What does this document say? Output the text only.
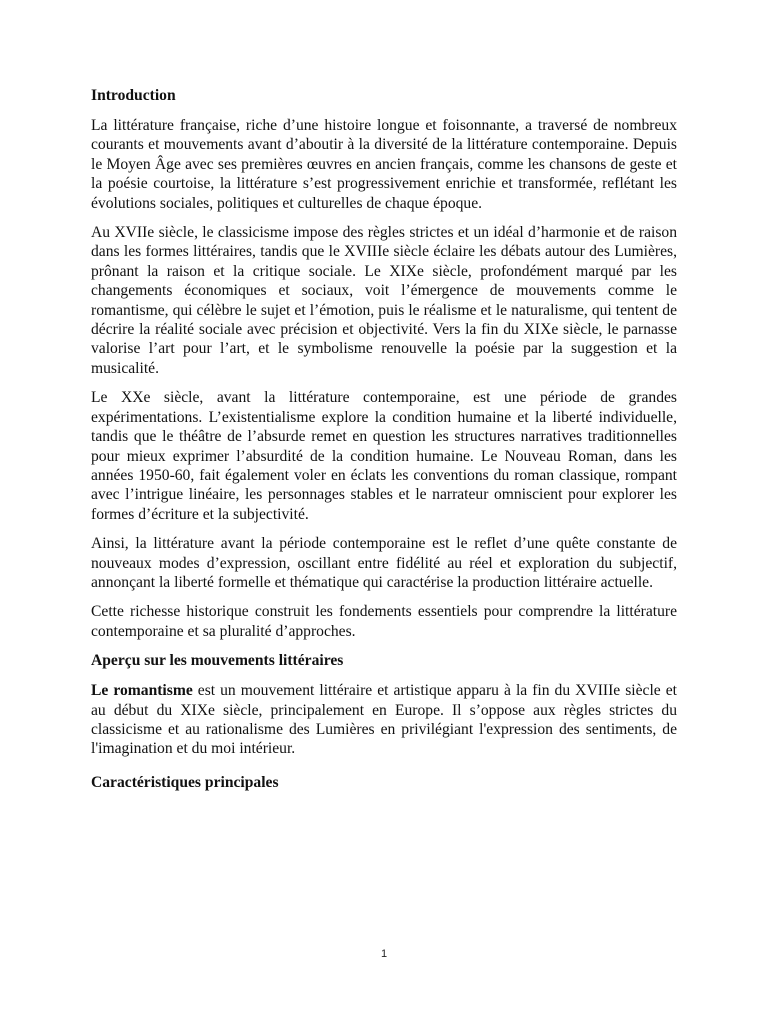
Introduction

La littérature française, riche d’une histoire longue et foisonnante, a traversé de nombreux courants et mouvements avant d’aboutir à la diversité de la littérature contemporaine. Depuis le Moyen Âge avec ses premières œuvres en ancien français, comme les chansons de geste et la poésie courtoise, la littérature s’est progressivement enrichie et transformée, reflétant les évolutions sociales, politiques et culturelles de chaque époque.

Au XVIIe siècle, le classicisme impose des règles strictes et un idéal d’harmonie et de raison dans les formes littéraires, tandis que le XVIIIe siècle éclaire les débats autour des Lumières, prônant la raison et la critique sociale. Le XIXe siècle, profondément marqué par les changements économiques et sociaux, voit l’émergence de mouvements comme le romantisme, qui célèbre le sujet et l’émotion, puis le réalisme et le naturalisme, qui tentent de décrire la réalité sociale avec précision et objectivité. Vers la fin du XIXe siècle, le parnasse valorise l’art pour l’art, et le symbolisme renouvelle la poésie par la suggestion et la musicalité.

Le XXe siècle, avant la littérature contemporaine, est une période de grandes expérimentations. L’existentialisme explore la condition humaine et la liberté individuelle, tandis que le théâtre de l’absurde remet en question les structures narratives traditionnelles pour mieux exprimer l’absurdité de la condition humaine. Le Nouveau Roman, dans les années 1950-60, fait également voler en éclats les conventions du roman classique, rompant avec l’intrigue linéaire, les personnages stables et le narrateur omniscient pour explorer les formes d’écriture et la subjectivité.

Ainsi, la littérature avant la période contemporaine est le reflet d’une quête constante de nouveaux modes d’expression, oscillant entre fidélité au réel et exploration du subjectif, annonçant la liberté formelle et thématique qui caractérise la production littéraire actuelle.

Cette richesse historique construit les fondements essentiels pour comprendre la littérature contemporaine et sa pluralité d’approches.

Aperçu sur les mouvements littéraires

Le romantisme est un mouvement littéraire et artistique apparu à la fin du XVIIIe siècle et au début du XIXe siècle, principalement en Europe. Il s’oppose aux règles strictes du classicisme et au rationalisme des Lumières en privilégiant l'expression des sentiments, de l'imagination et du moi intérieur.

Caractéristiques principales
1
